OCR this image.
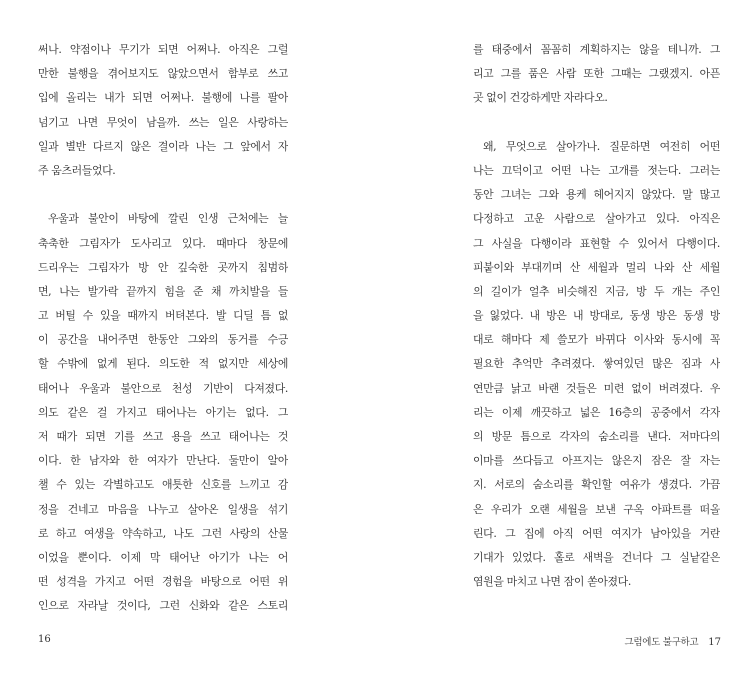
써나. 약점이나 무기가 되면 어쩌나. 아직은 그럴
만한 불행을 겪어보지도 않았으면서 함부로 쓰고
입에 올리는 내가 되면 어쩌나. 불행에 나를 팔아
넘기고 나면 무엇이 남을까. 쓰는 일은 사랑하는
일과 별반 다르지 않은 결이라 나는 그 앞에서 자
주 움츠러들었다.
우울과 불안이 바탕에 깔린 인생 근처에는 늘
축축한 그림자가 도사리고 있다. 때마다 창문에
드리우는 그림자가 방 안 깊숙한 곳까지 침범하
면, 나는 발가락 끝까지 힘을 준 채 까치발을 들
고 버틸 수 있을 때까지 버텨본다. 발 디딜 틈 없
이 공간을 내어주면 한동안 그와의 동거를 수긍
할 수밖에 없게 된다. 의도한 적 없지만 세상에
태어나 우울과 불안으로 천성 기반이 다져졌다.
의도 같은 걸 가지고 태어나는 아기는 없다. 그
저 때가 되면 기를 쓰고 용을 쓰고 태어나는 것
이다. 한 남자와 한 여자가 만난다. 둘만이 알아
챌 수 있는 각별하고도 애틋한 신호를 느끼고 감
정을 건네고 마음을 나누고 살아온 일생을 섞기
로 하고 여생을 약속하고, 나도 그런 사랑의 산물
이었을 뿐이다. 이제 막 태어난 아기가 나는 어
떤 성격을 가지고 어떤 경험을 바탕으로 어떤 위
인으로 자라날 것이다, 그런 신화와 같은 스토리
16
를 태중에서 꼼꼼히 계획하지는 않을 테니까. 그
리고 그를 품은 사람 또한 그때는 그랬겠지. 아픈
곳 없이 건강하게만 자라다오.
왜, 무엇으로 살아가나. 질문하면 여전히 어떤
나는 끄덕이고 어떤 나는 고개를 젓는다. 그러는
동안 그녀는 그와 용케 헤어지지 않았다. 말 많고
다정하고 고운 사람으로 살아가고 있다. 아직은
그 사실을 다행이라 표현할 수 있어서 다행이다.
피붙이와 부대끼며 산 세월과 멀리 나와 산 세월
의 길이가 얼추 비슷해진 지금, 방 두 개는 주인
을 잃었다. 내 방은 내 방대로, 동생 방은 동생 방
대로 해마다 제 쓸모가 바뀌다 이사와 동시에 꼭
필요한 추억만 추려졌다. 쌓여있던 많은 짐과 사
연만큼 낡고 바랜 것들은 미련 없이 버려졌다. 우
리는 이제 깨끗하고 넓은 16층의 공중에서 각자
의 방문 틈으로 각자의 숨소리를 낸다. 저마다의
이마를 쓰다듬고 아프지는 않은지 잠은 잘 자는
지. 서로의 숨소리를 확인할 여유가 생겼다. 가끔
은 우리가 오랜 세월을 보낸 구옥 아파트를 떠올
린다. 그 집에 아직 어떤 여지가 남아있을 거란
기대가 있었다. 홀로 새벽을 건너다 그 실낱같은
염원을 마치고 나면 잠이 쏟아졌다.
그럼에도 불구하고 17
